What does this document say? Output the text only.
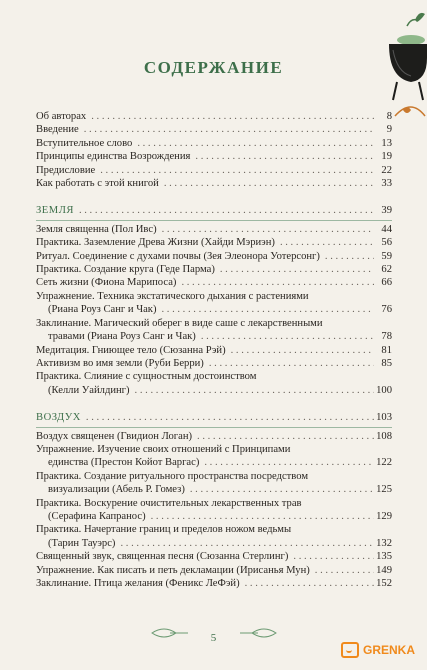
СОДЕРЖАНИЕ
Об авторах . . .	8
Введение . . .	9
Вступительное слово . . .	13
Принципы единства Возрождения . . .	19
Предисловие . . .	22
Как работать с этой книгой . . .	33
ЗЕМЛЯ . . .	39
Земля священна (Пол Ивс) . . .	44
Практика. Заземление Древа Жизни (Хайди Мэриэн) . . .	56
Ритуал. Соединение с духами почвы (Зея Элеонора Уотерсонг) . . .	59
Практика. Создание круга (Геде Парма) . . .	62
Сеть жизни (Фиона Марипоса) . . .	66
Упражнение. Техника экстатического дыхания с растениями
(Риана Роуз Санг и Чак) . . .	76
Заклинание. Магический оберег в виде саше с лекарственными
травами (Риана Роуз Санг и Чак) . . .	78
Медитация. Гниющее тело (Сюзанна Рэй) . . .	81
Активизм во имя земли (Руби Берри) . . .	85
Практика. Слияние с сущностным достоинством
(Келли Уайлдинг) . . .	100
ВОЗДУХ . . .	103
Воздух священен (Гвидион Логан) . . .	108
Упражнение. Изучение своих отношений с Принципами
единства (Престон Койот Варгас) . . .	122
Практика. Создание ритуального пространства посредством
визуализации (Абель Р. Гомез) . . .	125
Практика. Воскурение очистительных лекарственных трав
(Серафина Капранос) . . .	129
Практика. Начертание границ и пределов ножом ведьмы
(Тарин Тауэрс) . . .	132
Священный звук, священная песня (Сюзанна Стерлинг) . . .	135
Упражнение. Как писать и петь декламации (Ирисанья Мун) . . .	149
Заклинание. Птица желания (Феникс ЛеФэй) . . .	152
5
GRENKA
